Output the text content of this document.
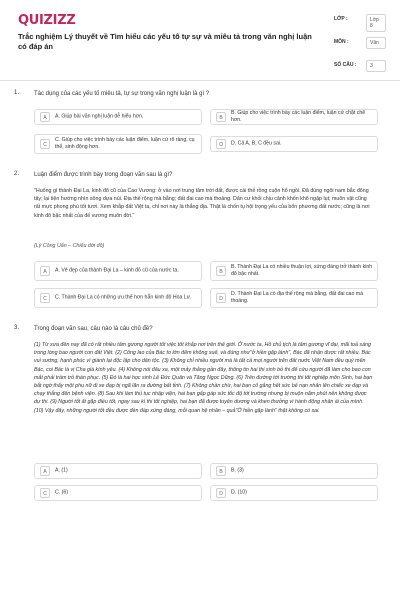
QUIZIZZ
Trắc nghiệm Lý thuyết về Tìm hiểu các yếu tố tự sự và miêu tả trong văn nghị luận có đáp án
LỚP :	Lớp 8
MÔN :	Văn
SỐ CÂU :	3
1. Tác dụng của các yếu tố miêu tả, tự sự trong văn nghị luận là gì ?
A	A. Giúp bài văn nghị luận dễ hiểu hơn.	B
B. Giúp cho việc trình bày các luận điểm, luận cứ chặt chẽ hơn.
C
C. Giúp cho việc trình bày các luận điểm, luận cứ rõ ràng, cụ thể, sinh động hơn.	D	D. Cả A, B, C đều sai.
2. Luận điểm được trình bày trong đoạn văn sau là gì?
"Huống gì thành Đại La, kinh đô cũ của Cao Vương: ở vào nơi trung tâm trời đất, được cái thế rồng cuộn hổ ngồi. Đã đúng ngôi nam bắc đông tây; lại tiện hướng nhìn sông dựa núi. Địa thế rộng mà bằng; đất đai cao mà thoáng. Dân cư khỏi chịu cảnh khốn khổ ngập lụt; muôn vật cũng rất mực phong phú tốt tươi. Xem khắp đất Việt ta, chỉ nơi này là thắng địa. Thật là chốn tụ hội trọng yếu của bốn phương đất nước; cũng là nơi kinh đô bậc nhất của đế vương muôn đời."
(Lý Công Uẩn – Chiếu dời đô)
A	A. Vẻ đẹp của thành Đại La – kinh đô cũ của nước ta.	B
B. Thành Đại La có nhiều thuận lợi, xứng đáng trở thành kinh đô bậc nhất.
C	C. Thành Đại La có những ưu thế hơn hẳn kinh đô Hoa Lư.	D
D. Thành Đại La có địa thế rộng mà bằng, đất đai cao mà thoáng.
3. Trong đoạn văn sau, câu nào là câu chủ đề?
(1) Từ xưa đến nay đã có rất nhiều tấm gương người tốt việc tốt khắp nơi trên thế giới. Ở nước ta, Hồ chủ tịch là tấm gương vĩ đại, mãi toả sáng trong lòng bao người con đất Việt. (2) Công lao của Bác to lớn đếm không xuể, và đúng như"ở hiền gặp lành", Bác đã nhận được rất nhiều. Bác vui sướng, hạnh phúc vì giành lại độc lập cho dân tộc. (3) Không chỉ nhiều người mà là tất cả mọi người trên đất nước Việt Nam đều quý mến Bác, coi Bác là vị Cha già kính yêu. (4) Không nói đâu xa, một mảy thằng gần đây, thông tin hai thi sinh bỏ thi để cứu người đã làm cho bao con mắt phải trầm trồ thán phục. (5) Đó là hai học sinh Lê Đức Quân và Tăng Ngọc Dũng. (6) Trên đường tới trường thi tốt nghiệp môn Sinh, hai bạn bắt ngờ thấy một phụ nữ đi xe đạp bị ngã lăn ra đường bất tỉnh. (7) Không chần chừ, hai bạn cố gắng hết sức bế nạn nhân lên chiếc xe đạp và chạy thẳng đến bệnh viện. (8) Sau khi làm thủ tục nhập viện, hai bạn gấp gáp sức tốc độ tới trường nhưng bị muộn năm phút nên không được dự thi. (9) Người tốt ất gặp điều tốt, ngay sau kì thi tốt nghiệp, hai bạn đã được tuyên dương và khen thưởng vì hành động nhân ái của mình. (10) Vậy đấy, những người tốt đều được đền đáp xứng đáng, mỗi quan hệ nhân – quả"Ở hiền gặp lành" thật không có sai.
A	A. (1)	B	B. (3)
C	C. (6)	D	D. (10)
